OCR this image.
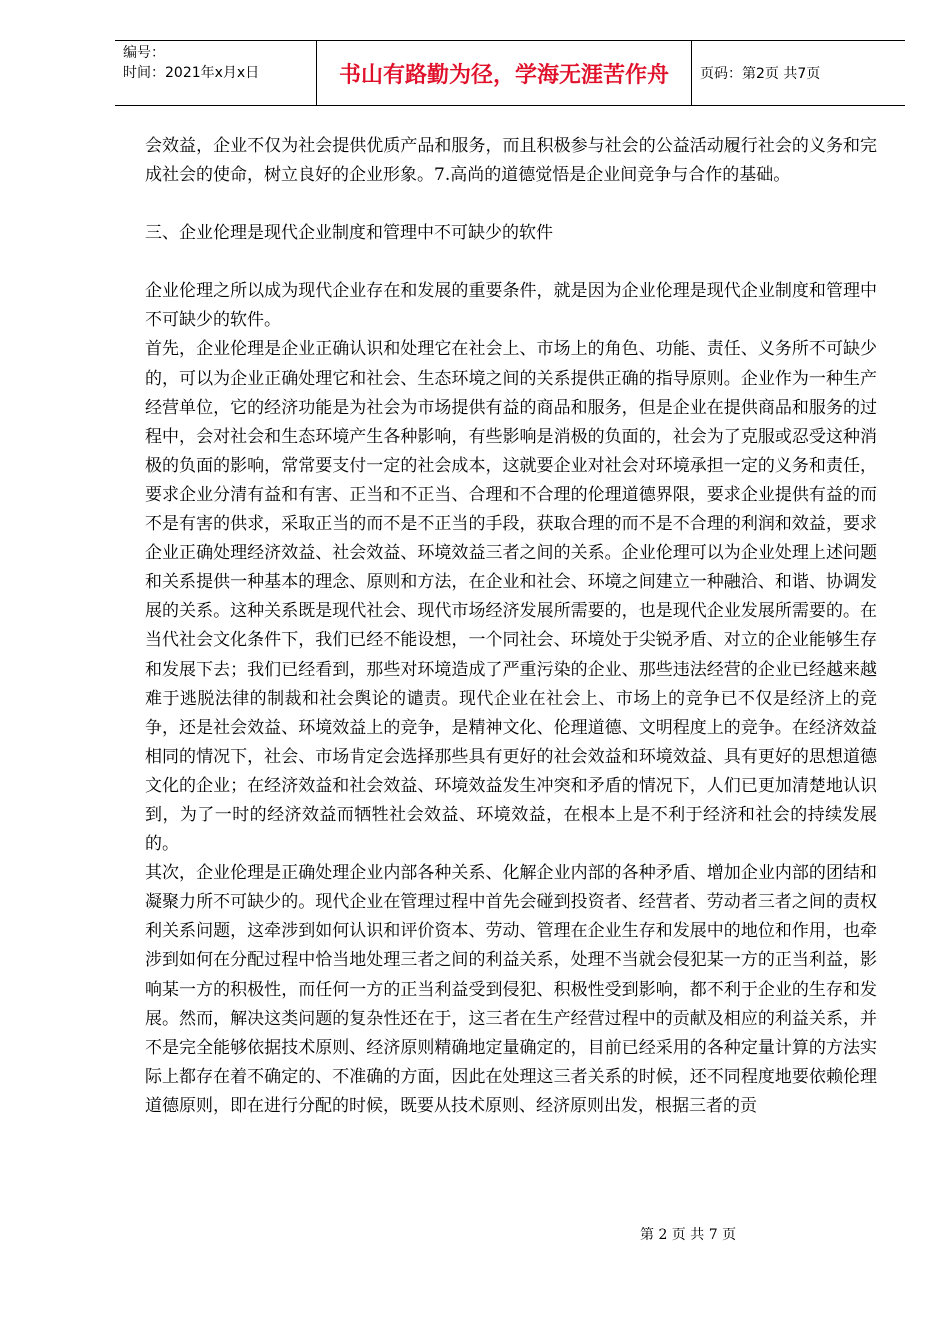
编号：
时间：2021年x月x日	书山有路勤为径，学海无涯苦作舟	页码：第2页 共7页

会效益，企业不仅为社会提供优质产品和服务，而且积极参与社会的公益活动履行社会的义务和完成社会的使命，树立良好的企业形象。7.高尚的道德觉悟是企业间竞争与合作的基础。

三、企业伦理是现代企业制度和管理中不可缺少的软件

企业伦理之所以成为现代企业存在和发展的重要条件，就是因为企业伦理是现代企业制度和管理中不可缺少的软件。

首先，企业伦理是企业正确认识和处理它在社会上、市场上的角色、功能、责任、义务所不可缺少的，可以为企业正确处理它和社会、生态环境之间的关系提供正确的指导原则。企业作为一种生产经营单位，它的经济功能是为社会为市场提供有益的商品和服务，但是企业在提供商品和服务的过程中，会对社会和生态环境产生各种影响，有些影响是消极的负面的，社会为了克服或忍受这种消极的负面的影响，常常要支付一定的社会成本，这就要企业对社会对环境承担一定的义务和责任，要求企业分清有益和有害、正当和不正当、合理和不合理的伦理道德界限，要求企业提供有益的而不是有害的供求，采取正当的而不是不正当的手段，获取合理的而不是不合理的利润和效益，要求企业正确处理经济效益、社会效益、环境效益三者之间的关系。企业伦理可以为企业处理上述问题和关系提供一种基本的理念、原则和方法，在企业和社会、环境之间建立一种融洽、和谐、协调发展的关系。这种关系既是现代社会、现代市场经济发展所需要的，也是现代企业发展所需要的。在当代社会文化条件下，我们已经不能设想，一个同社会、环境处于尖锐矛盾、对立的企业能够生存和发展下去；我们已经看到，那些对环境造成了严重污染的企业、那些违法经营的企业已经越来越难于逃脱法律的制裁和社会舆论的谴责。现代企业在社会上、市场上的竞争已不仅是经济上的竞争，还是社会效益、环境效益上的竞争，是精神文化、伦理道德、文明程度上的竞争。在经济效益相同的情况下，社会、市场肯定会选择那些具有更好的社会效益和环境效益、具有更好的思想道德文化的企业；在经济效益和社会效益、环境效益发生冲突和矛盾的情况下，人们已更加清楚地认识到，为了一时的经济效益而牺牲社会效益、环境效益，在根本上是不利于经济和社会的持续发展的。

其次，企业伦理是正确处理企业内部各种关系、化解企业内部的各种矛盾、增加企业内部的团结和凝聚力所不可缺少的。现代企业在管理过程中首先会碰到投资者、经营者、劳动者三者之间的责权利关系问题，这牵涉到如何认识和评价资本、劳动、管理在企业生存和发展中的地位和作用，也牵涉到如何在分配过程中恰当地处理三者之间的利益关系，处理不当就会侵犯某一方的正当利益，影响某一方的积极性，而任何一方的正当利益受到侵犯、积极性受到影响，都不利于企业的生存和发展。然而，解决这类问题的复杂性还在于，这三者在生产经营过程中的贡献及相应的利益关系，并不是完全能够依据技术原则、经济原则精确地定量确定的，目前已经采用的各种定量计算的方法实际上都存在着不确定的、不准确的方面，因此在处理这三者关系的时候，还不同程度地要依赖伦理道德原则，即在进行分配的时候，既要从技术原则、经济原则出发，根据三者的贡

第 2 页 共 7 页
